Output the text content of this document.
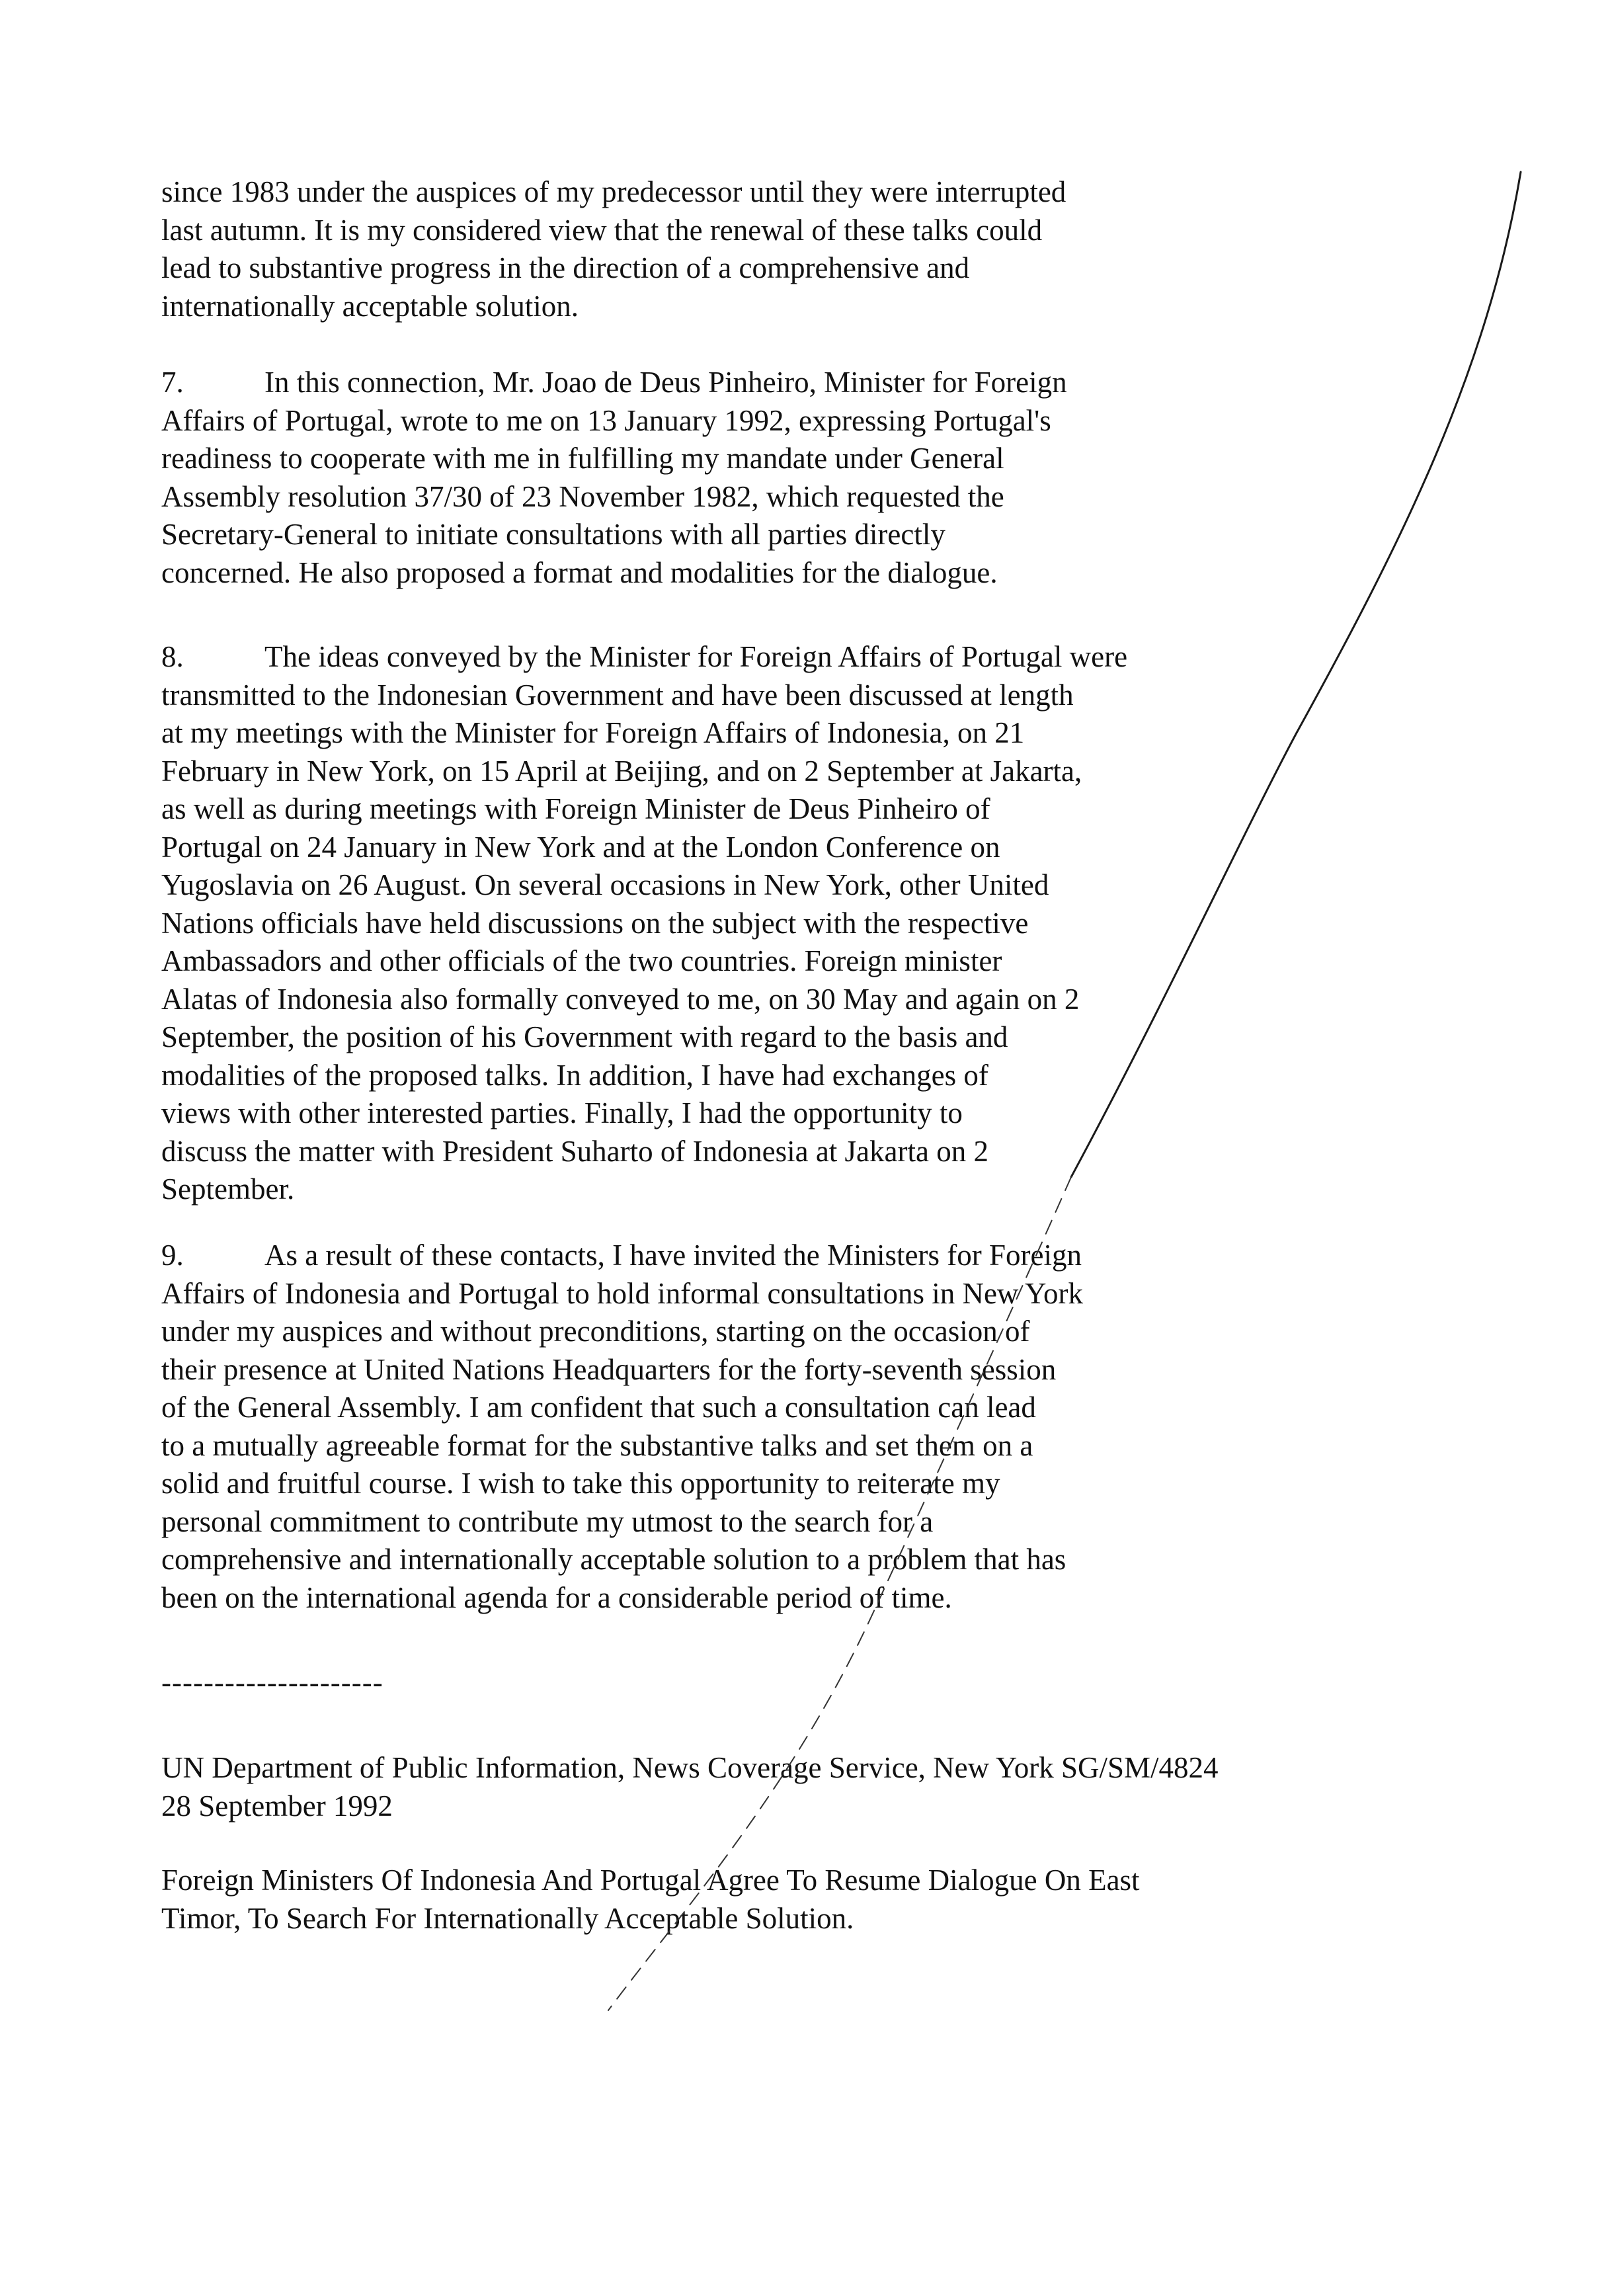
since 1983 under the auspices of my predecessor until they were interrupted
last autumn. It is my considered view that the renewal of these talks could
lead to substantive progress in the direction of a comprehensive and
internationally acceptable solution.
7.	In this connection, Mr. Joao de Deus Pinheiro, Minister for Foreign
Affairs of Portugal, wrote to me on 13 January 1992, expressing Portugal's
readiness to cooperate with me in fulfilling my mandate under General
Assembly resolution 37/30 of 23 November 1982, which requested the
Secretary-General to initiate consultations with all parties directly
concerned. He also proposed a format and modalities for the dialogue.
8.	The ideas conveyed by the Minister for Foreign Affairs of Portugal were
transmitted to the Indonesian Government and have been discussed at length
at my meetings with the Minister for Foreign Affairs of Indonesia, on 21
February in New York, on 15 April at Beijing, and on 2 September at Jakarta,
as well as during meetings with Foreign Minister de Deus Pinheiro of
Portugal on 24 January in New York and at the London Conference on
Yugoslavia on 26 August. On several occasions in New York, other United
Nations officials have held discussions on the subject with the respective
Ambassadors and other officials of the two countries. Foreign minister
Alatas of Indonesia also formally conveyed to me, on 30 May and again on 2
September, the position of his Government with regard to the basis and
modalities of the proposed talks. In addition, I have had exchanges of
views with other interested parties. Finally, I had the opportunity to
discuss the matter with President Suharto of Indonesia at Jakarta on 2
September.
9.	As a result of these contacts, I have invited the Ministers for Foreign
Affairs of Indonesia and Portugal to hold informal consultations in New York
under my auspices and without preconditions, starting on the occasion of
their presence at United Nations Headquarters for the forty-seventh session
of the General Assembly. I am confident that such a consultation can lead
to a mutually agreeable format for the substantive talks and set them on a
solid and fruitful course. I wish to take this opportunity to reiterate my
personal commitment to contribute my utmost to the search for a
comprehensive and internationally acceptable solution to a problem that has
been on the international agenda for a considerable period of time.
---------------------
UN Department of Public Information, News Coverage Service, New York SG/SM/4824
28 September 1992
Foreign Ministers Of Indonesia And Portugal Agree To Resume Dialogue On East
Timor, To Search For Internationally Acceptable Solution.
